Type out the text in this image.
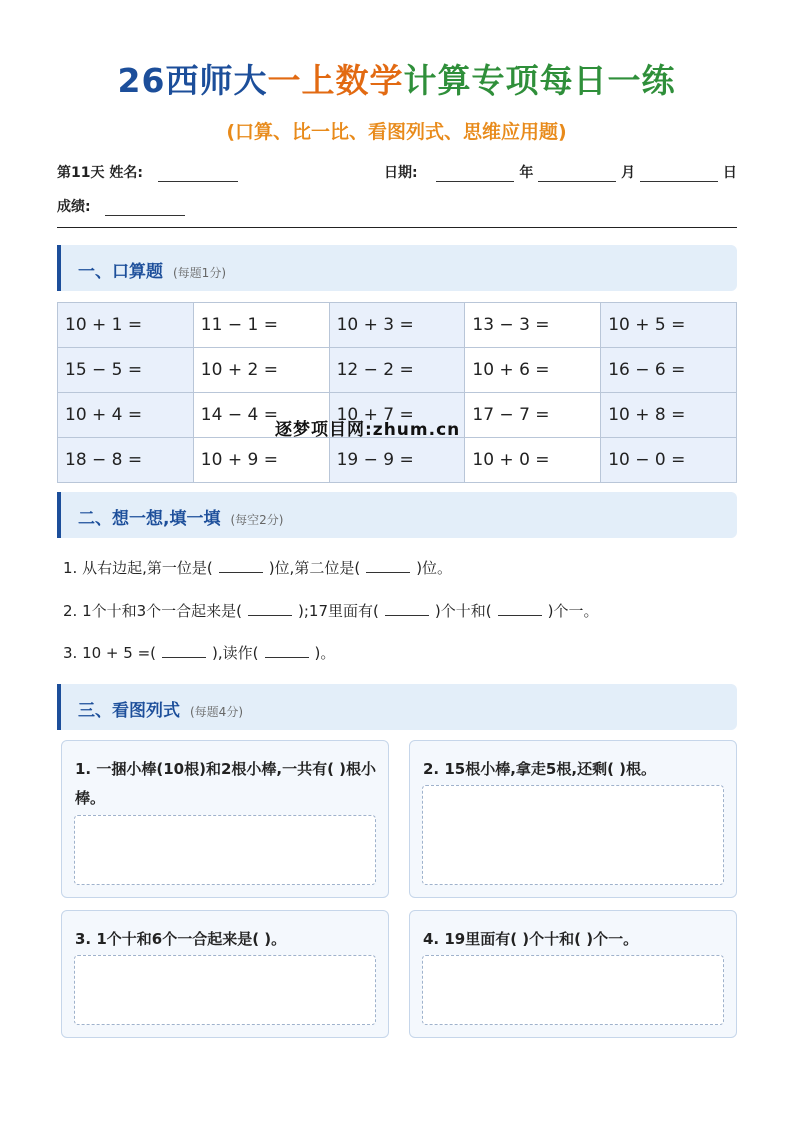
26西师大一上数学计算专项每日一练
(口算、比一比、看图列式、思维应用题)
第11天 姓名:	日期:	年	月	日
成绩:
一、口算题 (每题1分)
10 + 1 =	11 − 1 =	10 + 3 =	13 − 3 =	10 + 5 =
15 − 5 =	10 + 2 =	12 − 2 =	10 + 6 =	16 − 6 =
10 + 4 =	14 − 4 =	10 + 7 =	17 − 7 =	10 + 8 =
18 − 8 =	10 + 9 =	19 − 9 =	10 + 0 =	10 − 0 =
逐梦项目网:zhum.cn
二、想一想,填一填 (每空2分)
1. 从右边起,第一位是(	)位,第二位是(	)位。
2. 1个十和3个一合起来是(	);17里面有(	)个十和(	)个一。
3. 10 + 5 =(	),读作(	)。
三、看图列式 (每题4分)
1. 一捆小棒(10根)和2根小棒,一共有( )根小棒。
2. 15根小棒,拿走5根,还剩( )根。
3. 1个十和6个一合起来是( )。	4. 19里面有( )个十和( )个一。
